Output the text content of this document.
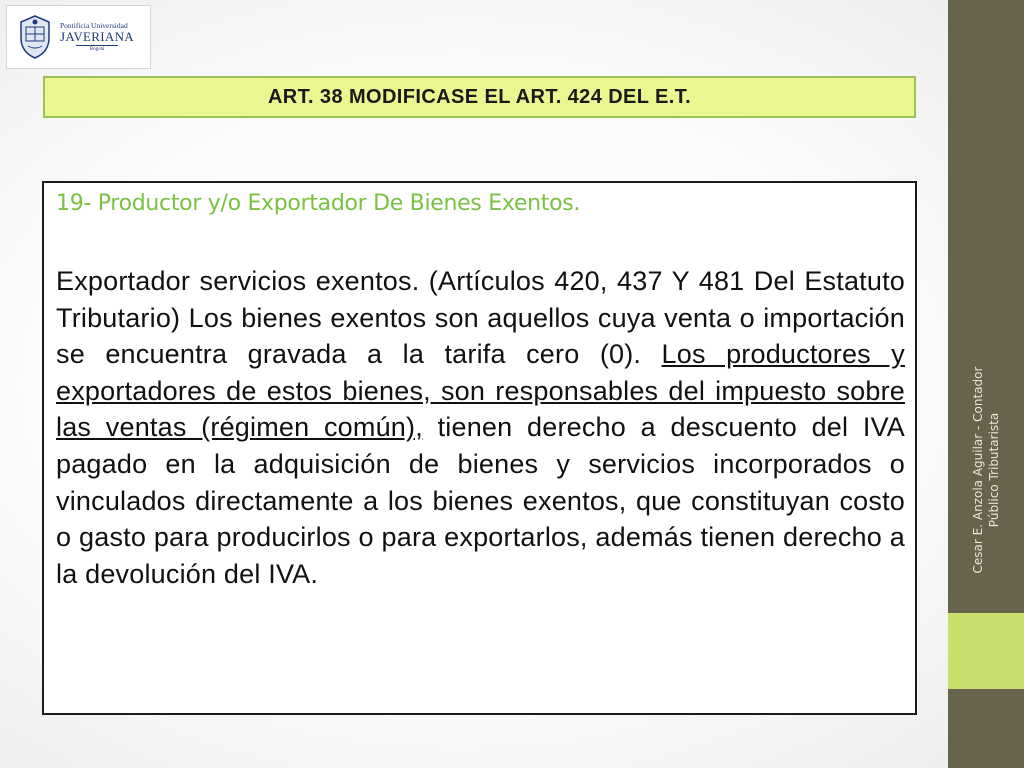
Pontificia Universidad
JAVERIANA
Bogotá
ART. 38 MODIFICASE EL ART. 424 DEL E.T.
19- Productor y/o Exportador De Bienes Exentos.

Exportador servicios exentos. (Artículos 420, 437 Y 481 Del Estatuto Tributario) Los bienes exentos son aquellos cuya venta o importación se encuentra gravada a la tarifa cero (0). Los productores y exportadores de estos bienes, son responsables del impuesto sobre las ventas (régimen común), tienen derecho a descuento del IVA pagado en la adquisición de bienes y servicios incorporados o vinculados directamente a los bienes exentos, que constituyan costo o gasto para producirlos o para exportarlos, además tienen derecho a la devolución del IVA.

Cesar E. Anzola Aguilar - Contador Público Tributarista
